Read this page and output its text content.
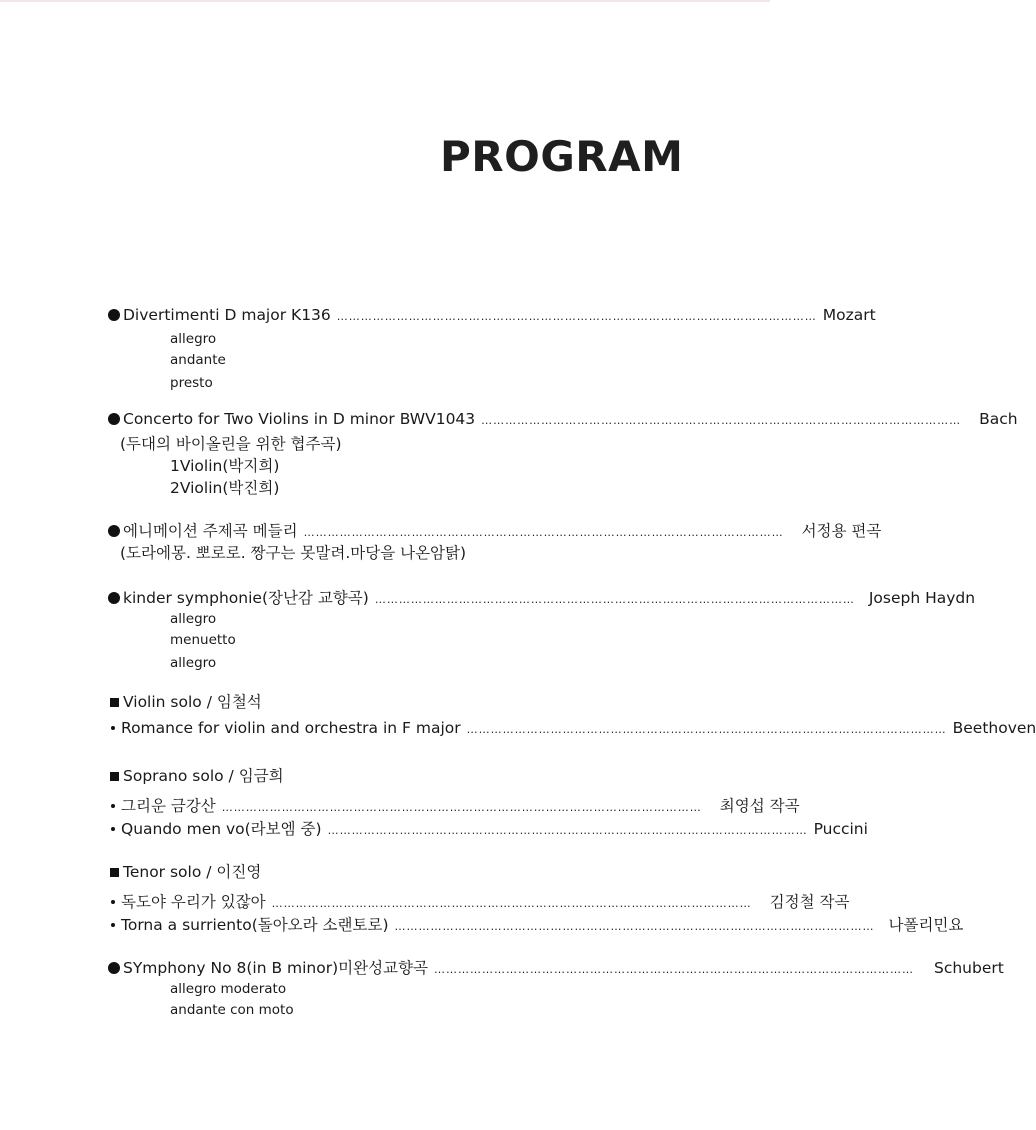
PROGRAM
Divertimenti D major K136 ………………………………………………………………………………………………………… Mozart
allegro
andante
presto
Concerto for Two Violins in D minor BWV1043 ………………………………………………………………………………………………………… Bach
(두대의 바이올린을 위한 협주곡)
1Violin(박지희)
2Violin(박진희)
에니메이션 주제곡 메들리 ………………………………………………………………………………………………………… 서정용 편곡
(도라에몽. 뽀로로. 짱구는 못말려.마당을 나온암탉)
kinder symphonie(장난감 교향곡) ………………………………………………………………………………………………………… Joseph Haydn
allegro
menuetto
allegro
Violin solo / 임철석
Romance for violin and orchestra in F major ………………………………………………………………………………………………………… Beethoven
Soprano solo / 임금희
그리운 금강산 ………………………………………………………………………………………………………… 최영섭 작곡
Quando men vo(라보엠 중) ………………………………………………………………………………………………………… Puccini
Tenor solo / 이진영
독도야 우리가 있잖아 ………………………………………………………………………………………………………… 김정철 작곡
Torna a surriento(돌아오라 소랜토로) ………………………………………………………………………………………………………… 나폴리민요
SYmphony No 8(in B minor)미완성교향곡 ………………………………………………………………………………………………………… Schubert
allegro moderato
andante con moto
